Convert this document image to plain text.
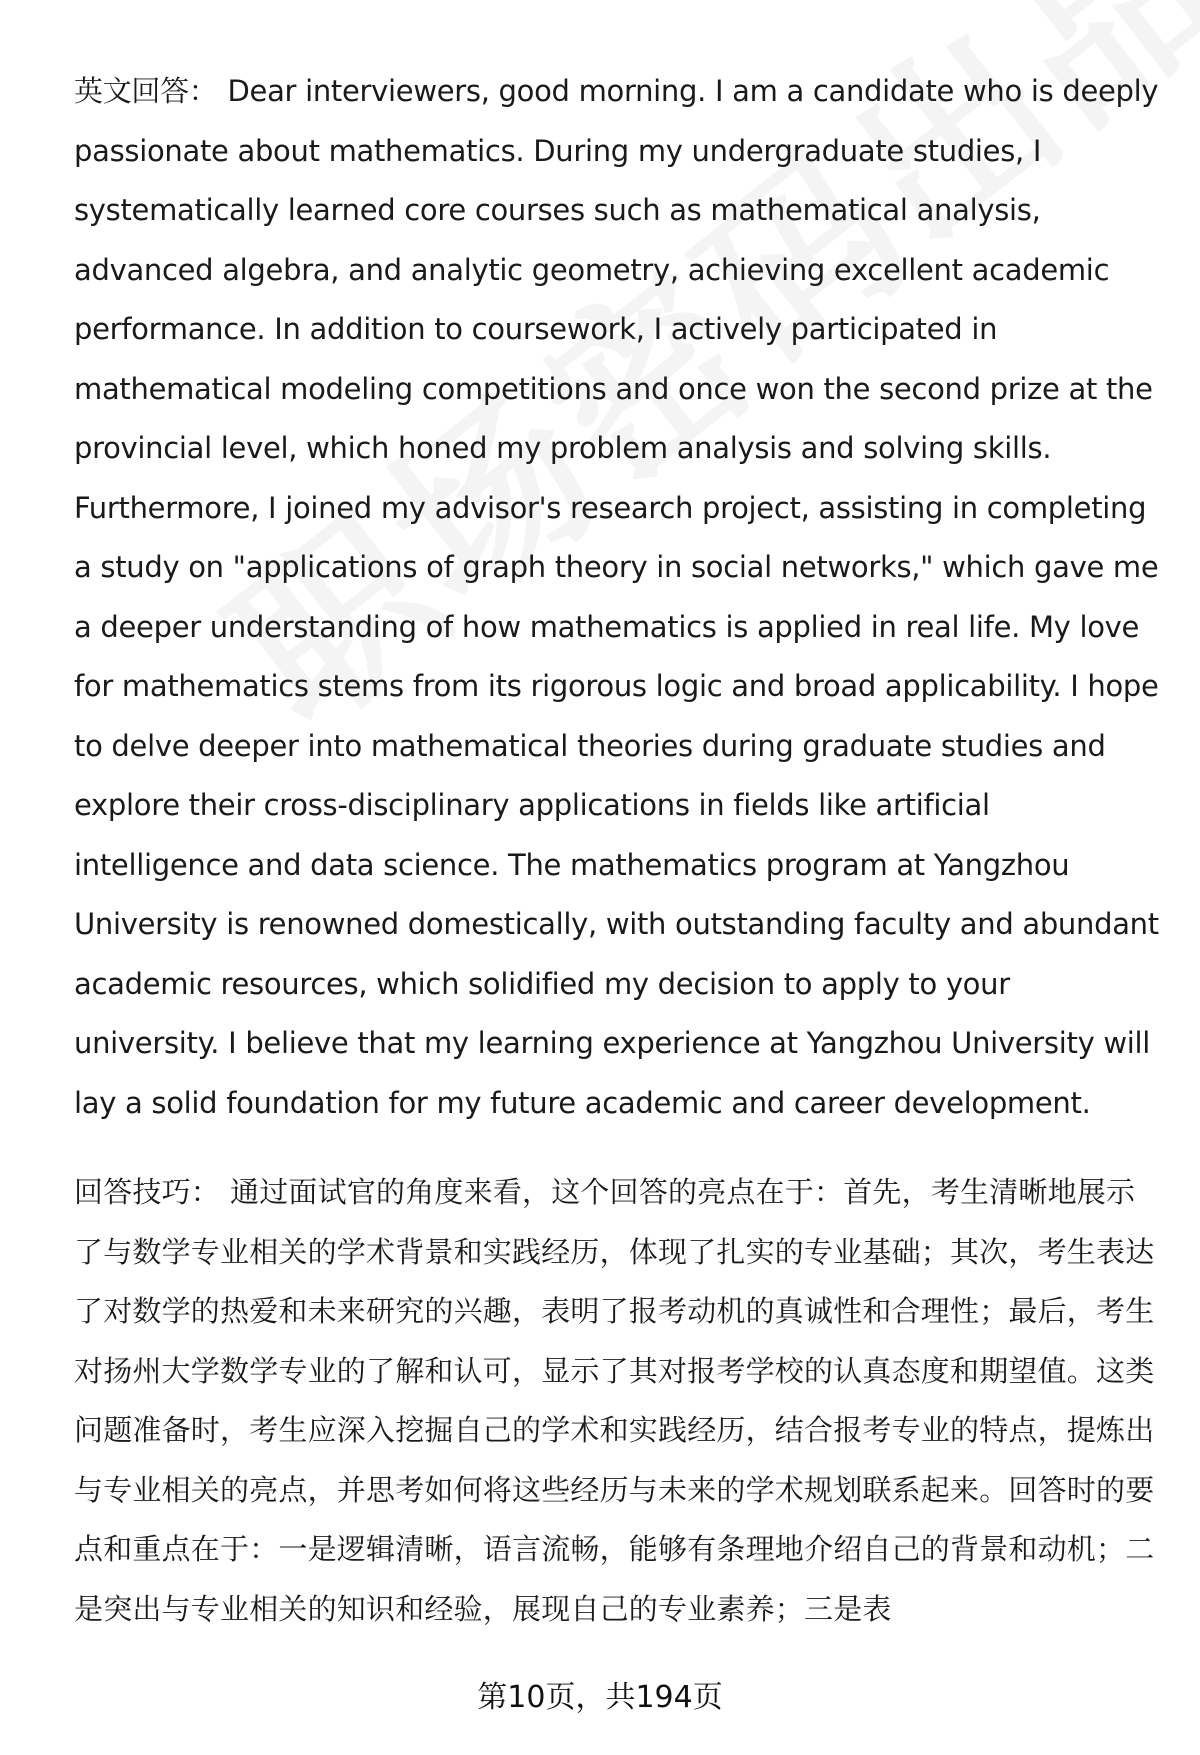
英文回答： Dear interviewers, good morning. I am a candidate who is deeply passionate about mathematics. During my undergraduate studies, I systematically learned core courses such as mathematical analysis, advanced algebra, and analytic geometry, achieving excellent academic performance. In addition to coursework, I actively participated in mathematical modeling competitions and once won the second prize at the provincial level, which honed my problem analysis and solving skills. Furthermore, I joined my advisor's research project, assisting in completing a study on "applications of graph theory in social networks," which gave me a deeper understanding of how mathematics is applied in real life. My love for mathematics stems from its rigorous logic and broad applicability. I hope to delve deeper into mathematical theories during graduate studies and explore their cross-disciplinary applications in fields like artificial intelligence and data science. The mathematics program at Yangzhou University is renowned domestically, with outstanding faculty and abundant academic resources, which solidified my decision to apply to your university. I believe that my learning experience at Yangzhou University will lay a solid foundation for my future academic and career development.

回答技巧： 通过面试官的角度来看，这个回答的亮点在于：首先，考生清晰地展示了与数学专业相关的学术背景和实践经历，体现了扎实的专业基础；其次，考生表达了对数学的热爱和未来研究的兴趣，表明了报考动机的真诚性和合理性；最后，考生对扬州大学数学专业的了解和认可，显示了其对报考学校的认真态度和期望值。这类问题准备时，考生应深入挖掘自己的学术和实践经历，结合报考专业的特点，提炼出与专业相关的亮点，并思考如何将这些经历与未来的学术规划联系起来。回答时的要点和重点在于：一是逻辑清晰，语言流畅，能够有条理地介绍自己的背景和动机；二是突出与专业相关的知识和经验，展现自己的专业素养；三是表

第10页，共194页
